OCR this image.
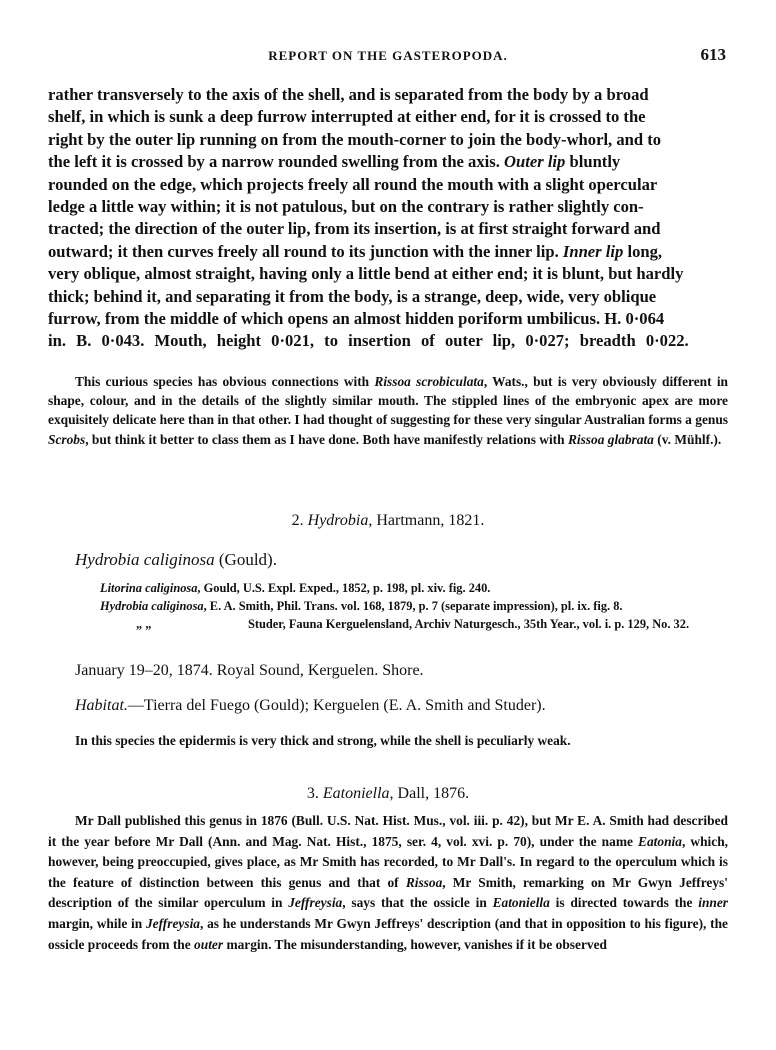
REPORT ON THE GASTEROPODA.	613

rather transversely to the axis of the shell, and is separated from the body by a broad

shelf, in which is sunk a deep furrow interrupted at either end, for it is crossed to the

right by the outer lip running on from the mouth-corner to join the body-whorl, and to

the left it is crossed by a narrow rounded swelling from the axis. Outer lip bluntly

rounded on the edge, which projects freely all round the mouth with a slight opercular

ledge a little way within; it is not patulous, but on the contrary is rather slightly con-

tracted; the direction of the outer lip, from its insertion, is at first straight forward and

outward; it then curves freely all round to its junction with the inner lip. Inner lip long,

very oblique, almost straight, having only a little bend at either end; it is blunt, but hardly

thick; behind it, and separating it from the body, is a strange, deep, wide, very oblique

furrow, from the middle of which opens an almost hidden poriform umbilicus. H. 0·064

in. B. 0·043. Mouth, height 0·021, to insertion of outer lip, 0·027; breadth 0·022.

This curious species has obvious connections with Rissoa scrobiculata, Wats., but is very obviously different in shape, colour, and in the details of the slightly similar mouth. The stippled lines of the embryonic apex are more exquisitely delicate here than in that other. I had thought of suggesting for these very singular Australian forms a genus Scrobs, but think it better to class them as I have done. Both have manifestly relations with Rissoa glabrata (v. Mühlf.).
2. Hydrobia, Hartmann, 1821.
Hydrobia caliginosa (Gould).
Litorina caliginosa, Gould, U.S. Expl. Exped., 1852, p. 198, pl. xiv. fig. 240.
Hydrobia caliginosa, E. A. Smith, Phil. Trans. vol. 168, 1879, p. 7 (separate impression), pl. ix. fig. 8.
„ „	Studer, Fauna Kerguelensland, Archiv Naturgesch., 35th Year., vol. i. p. 129, No. 32.
January 19–20, 1874. Royal Sound, Kerguelen. Shore.
Habitat.—Tierra del Fuego (Gould); Kerguelen (E. A. Smith and Studer).
In this species the epidermis is very thick and strong, while the shell is peculiarly weak.
3. Eatoniella, Dall, 1876.
Mr Dall published this genus in 1876 (Bull. U.S. Nat. Hist. Mus., vol. iii. p. 42), but Mr E. A. Smith had described it the year before Mr Dall (Ann. and Mag. Nat. Hist., 1875, ser. 4, vol. xvi. p. 70), under the name Eatonia, which, however, being preoccupied, gives place, as Mr Smith has recorded, to Mr Dall's. In regard to the operculum which is the feature of distinction between this genus and that of Rissoa, Mr Smith, remarking on Mr Gwyn Jeffreys' description of the similar operculum in Jeffreysia, says that the ossicle in Eatoniella is directed towards the inner margin, while in Jeffreysia, as he understands Mr Gwyn Jeffreys' description (and that in opposition to his figure), the ossicle proceeds from the outer margin. The misunderstanding, however, vanishes if it be observed
